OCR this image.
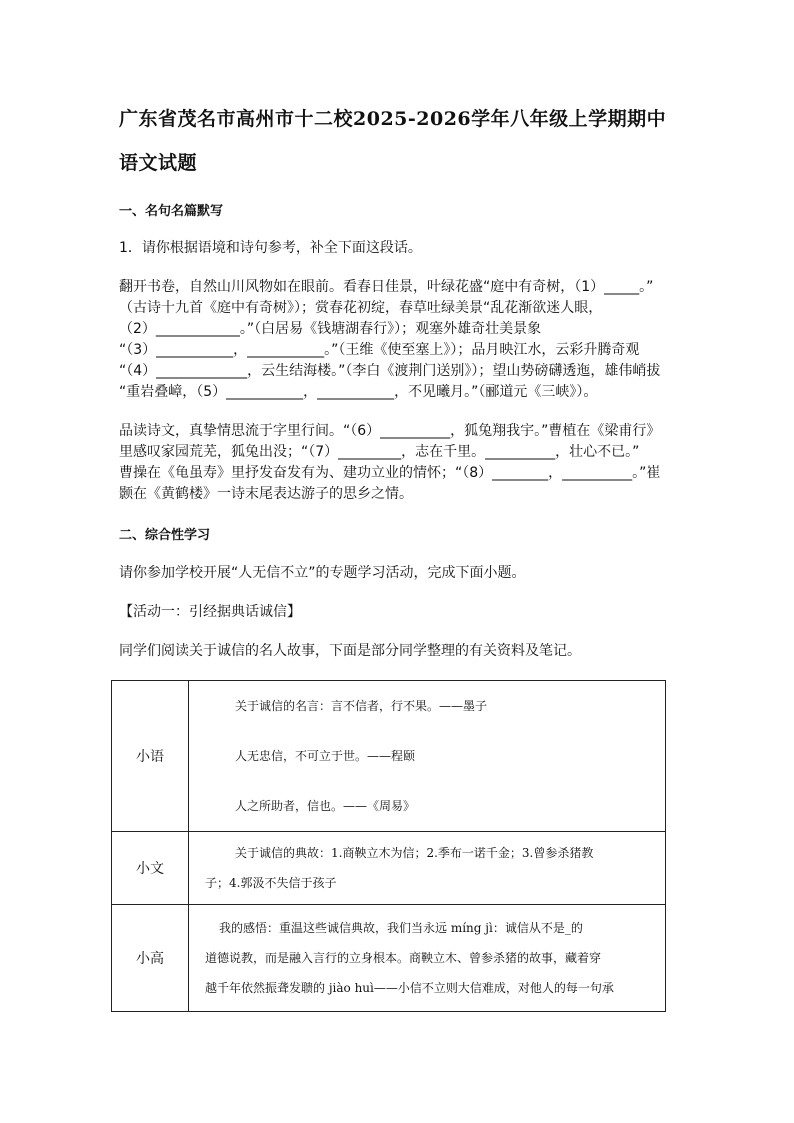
广东省茂名市高州市十二校2025-2026学年八年级上学期期中
语文试题
一、名句名篇默写
1．请你根据语境和诗句参考，补全下面这段话。
翻开书卷，自然山川风物如在眼前。看春日佳景，叶绿花盛“庭中有奇树，（1）_____。”
（古诗十九首《庭中有奇树》）；赏春花初绽，春草吐绿美景“乱花渐欲迷人眼，
（2）____________。”（白居易《钱塘湖春行》）；观塞外雄奇壮美景象
“（3）___________，___________。”（王维《使至塞上》）；品月映江水，云彩升腾奇观
“（4）_____________，云生结海楼。”（李白《渡荆门送别》）；望山势磅礴透迤，雄伟峭拔
“重岩叠嶂，（5）___________，___________，不见曦月。”（郦道元《三峡》）。
品读诗文，真挚情思流于字里行间。“（6）__________，狐兔翔我宇。”曹植在《梁甫行》
里感叹家园荒芜，狐兔出没；“（7）_________，志在千里。__________，壮心不已。”
曹操在《龟虽寿》里抒发奋发有为、建功立业的情怀；“（8）________，__________。”崔
颢在《黄鹤楼》一诗末尾表达游子的思乡之情。
二、综合性学习
请你参加学校开展“人无信不立”的专题学习活动，完成下面小题。
【活动一：引经据典话诚信】
同学们阅读关于诚信的名人故事，下面是部分同学整理的有关资料及笔记。
小语	关于诚信的名言：言不信者，行不果。——墨子
人无忠信，不可立于世。——程颐
人之所助者，信也。——《周易》

小文	关于诚信的典故：1.商鞅立木为信；2.季布一诺千金；3.曾参杀猪教
子；4.郭汲不失信于孩子

小高	我的感悟：重温这些诚信典故，我们当永远 míng jì：诚信从不是_的
道德说教，而是融入言行的立身根本。商鞅立木、曾参杀猪的故事，藏着穿
越千年依然振聋发聩的 jiào huì——小信不立则大信难成，对他人的每一句承
